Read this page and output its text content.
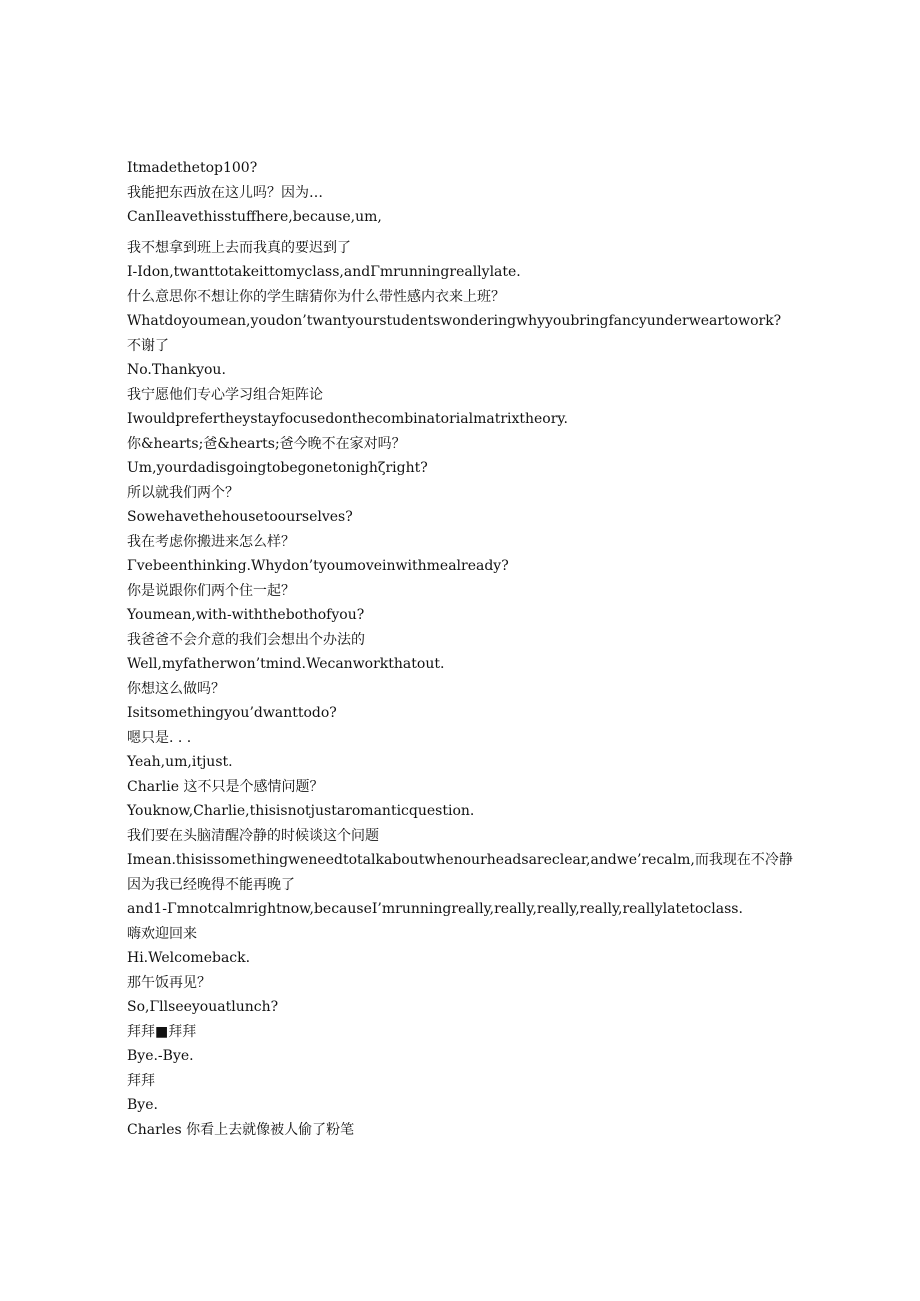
Itmadethetop100?
我能把东西放在这儿吗？因为…
CanIleavethisstuffhere,because,um,
我不想拿到班上去而我真的要迟到了
I-Idon,twanttotakeittomyclass,andΓmrunningreallylate.
什么意思你不想让你的学生瞎猜你为什么带性感内衣来上班？
Whatdoyoumean,youdon’twantyourstudentswonderingwhyyoubringfancyunderweartowork?
不谢了
No.Thankyou.
我宁愿他们专心学习组合矩阵论
Iwouldprefertheystayfocusedonthecombinatorialmatrixtheory.
你&hearts;爸&hearts;爸今晚不在家对吗？
Um,yourdadisgoingtobegonetonighζright?
所以就我们两个？
Sowehavethehousetoourselves?
我在考虑你搬进来怎么样？
Γvebeenthinking.Whydon’tyoumoveinwithmealready?
你是说跟你们两个住一起？
Youmean,with-withthebothofyou?
我爸爸不会介意的我们会想出个办法的
Well,myfatherwon’tmind.Wecanworkthatout.
你想这么做吗？
Isitsomethingyou’dwanttodo?
嗯只是. . .
Yeah,um,itjust.
Charlie 这不只是个感情问题？
Youknow,Charlie,thisisnotjustaromanticquestion.
我们要在头脑清醒冷静的时候谈这个问题
Imean.thisissomethingweneedtotalkaboutwhenourheadsareclear,andwe’recalm,而我现在不冷静
因为我已经晚得不能再晚了
and1-Γmnotcalmrightnow,becauseI’mrunningreally,really,really,really,reallylatetoclass.
嗨欢迎回来
Hi.Welcomeback.
那午饭再见？
So,Γllseeyouatlunch?
拜拜■拜拜
Bye.-Bye.
拜拜
Bye.
Charles 你看上去就像被人偷了粉笔
